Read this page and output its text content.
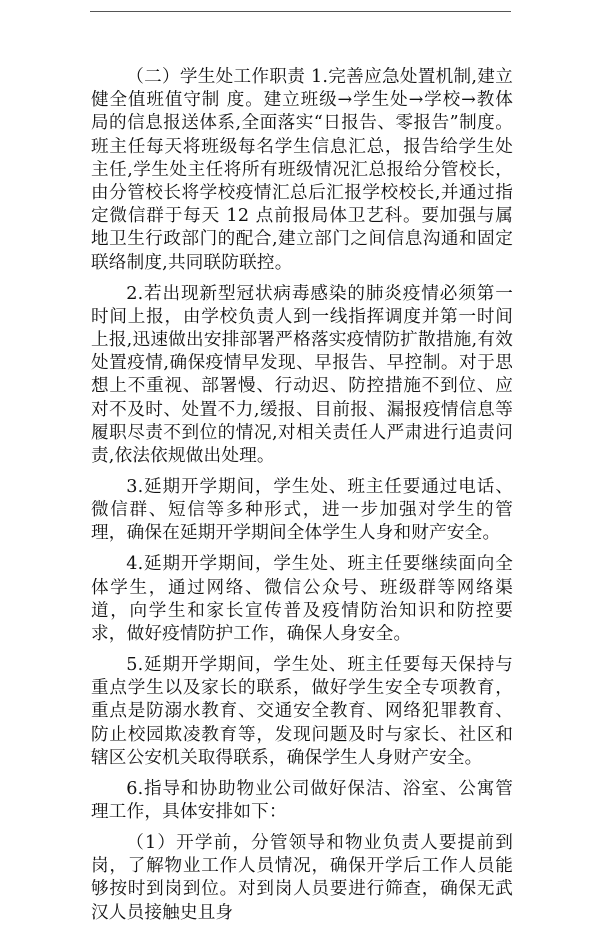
（二）学生处工作职责 1.完善应急处置机制,建立健全值班值守制 度。建立班级→学生处→学校→教体局的信息报送体系,全面落实“日报告、零报告”制度。班主任每天将班级每名学生信息汇总，报告给学生处主任,学生处主任将所有班级情况汇总报给分管校长，由分管校长将学校疫情汇总后汇报学校校长,并通过指定微信群于每天 12 点前报局体卫艺科。要加强与属地卫生行政部门的配合,建立部门之间信息沟通和固定联络制度,共同联防联控。

2.若出现新型冠状病毒感染的肺炎疫情必须第一时间上报，由学校负责人到一线指挥调度并第一时间上报,迅速做出安排部署严格落实疫情防扩散措施,有效处置疫情,确保疫情早发现、早报告、早控制。对于思想上不重视、部署慢、行动迟、防控措施不到位、应对不及时、处置不力,缓报、目前报、漏报疫情信息等履职尽责不到位的情况,对相关责任人严肃进行追责问责,依法依规做出处理。

3.延期开学期间，学生处、班主任要通过电话、微信群、短信等多种形式，进一步加强对学生的管理，确保在延期开学期间全体学生人身和财产安全。

4.延期开学期间，学生处、班主任要继续面向全体学生，通过网络、微信公众号、班级群等网络渠道，向学生和家长宣传普及疫情防治知识和防控要求，做好疫情防护工作，确保人身安全。

5.延期开学期间，学生处、班主任要每天保持与重点学生以及家长的联系，做好学生安全专项教育，重点是防溺水教育、交通安全教育、网络犯罪教育、防止校园欺凌教育等，发现问题及时与家长、社区和辖区公安机关取得联系，确保学生人身财产安全。

6.指导和协助物业公司做好保洁、浴室、公寓管理工作，具体安排如下：

（1）开学前，分管领导和物业负责人要提前到岗，了解物业工作人员情况，确保开学后工作人员能够按时到岗到位。对到岗人员要进行筛查，确保无武汉人员接触史且身
